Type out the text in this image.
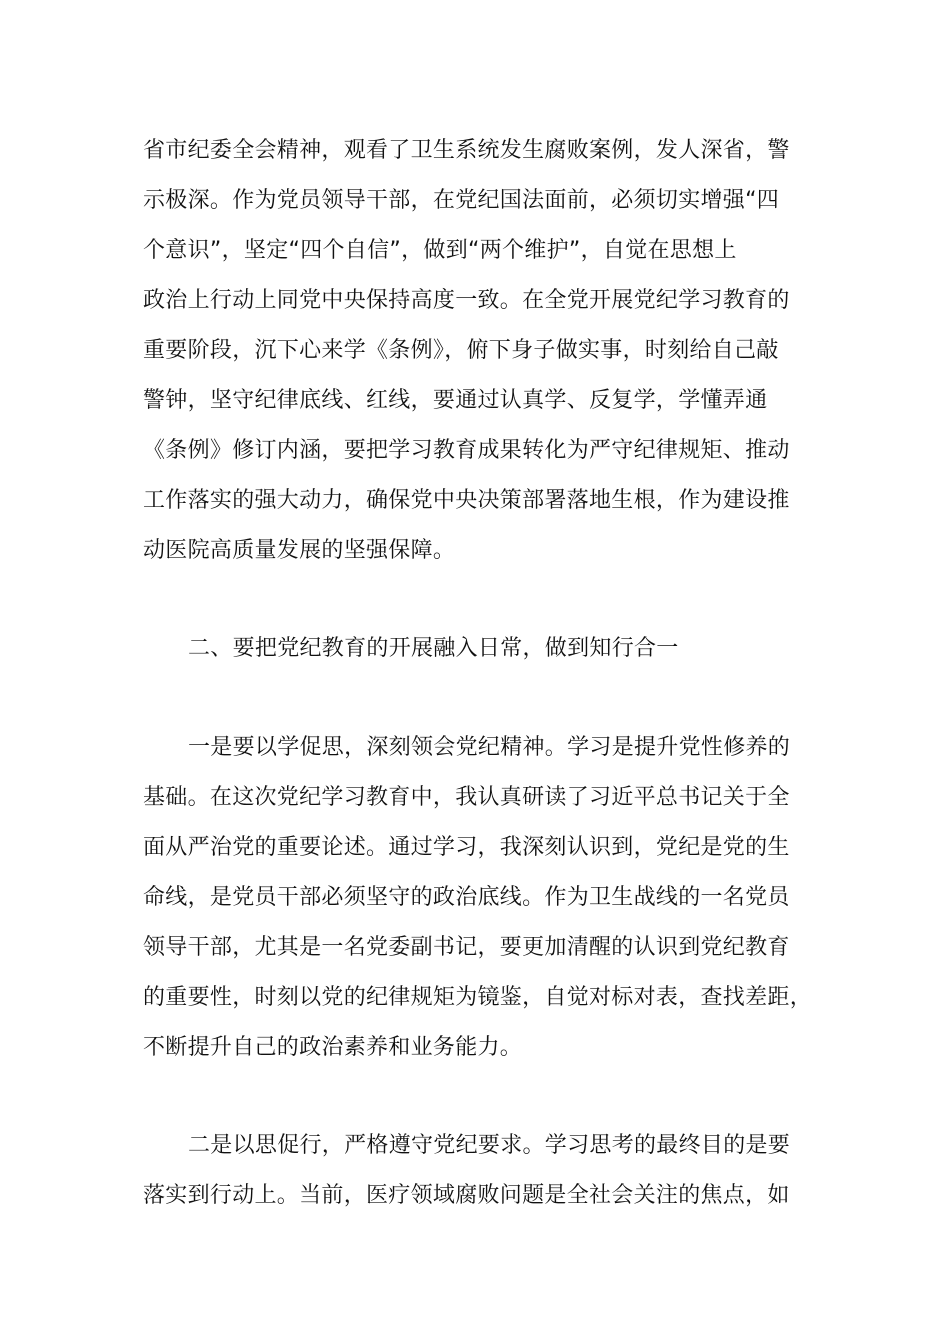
省市纪委全会精神，观看了卫生系统发生腐败案例，发人深省，警
示极深。作为党员领导干部，在党纪国法面前，必须切实增强“四
个意识”，坚定“四个自信”，做到“两个维护”，自觉在思想上
政治上行动上同党中央保持高度一致。在全党开展党纪学习教育的
重要阶段，沉下心来学《条例》，俯下身子做实事，时刻给自己敲
警钟，坚守纪律底线、红线，要通过认真学、反复学，学懂弄通
《条例》修订内涵，要把学习教育成果转化为严守纪律规矩、推动
工作落实的强大动力，确保党中央决策部署落地生根，作为建设推
动医院高质量发展的坚强保障。
二、要把党纪教育的开展融入日常，做到知行合一
一是要以学促思，深刻领会党纪精神。学习是提升党性修养的
基础。在这次党纪学习教育中，我认真研读了习近平总书记关于全
面从严治党的重要论述。通过学习，我深刻认识到，党纪是党的生
命线，是党员干部必须坚守的政治底线。作为卫生战线的一名党员
领导干部，尤其是一名党委副书记，要更加清醒的认识到党纪教育
的重要性，时刻以党的纪律规矩为镜鉴，自觉对标对表，查找差距，
不断提升自己的政治素养和业务能力。
二是以思促行，严格遵守党纪要求。学习思考的最终目的是要
落实到行动上。当前，医疗领域腐败问题是全社会关注的焦点，如
